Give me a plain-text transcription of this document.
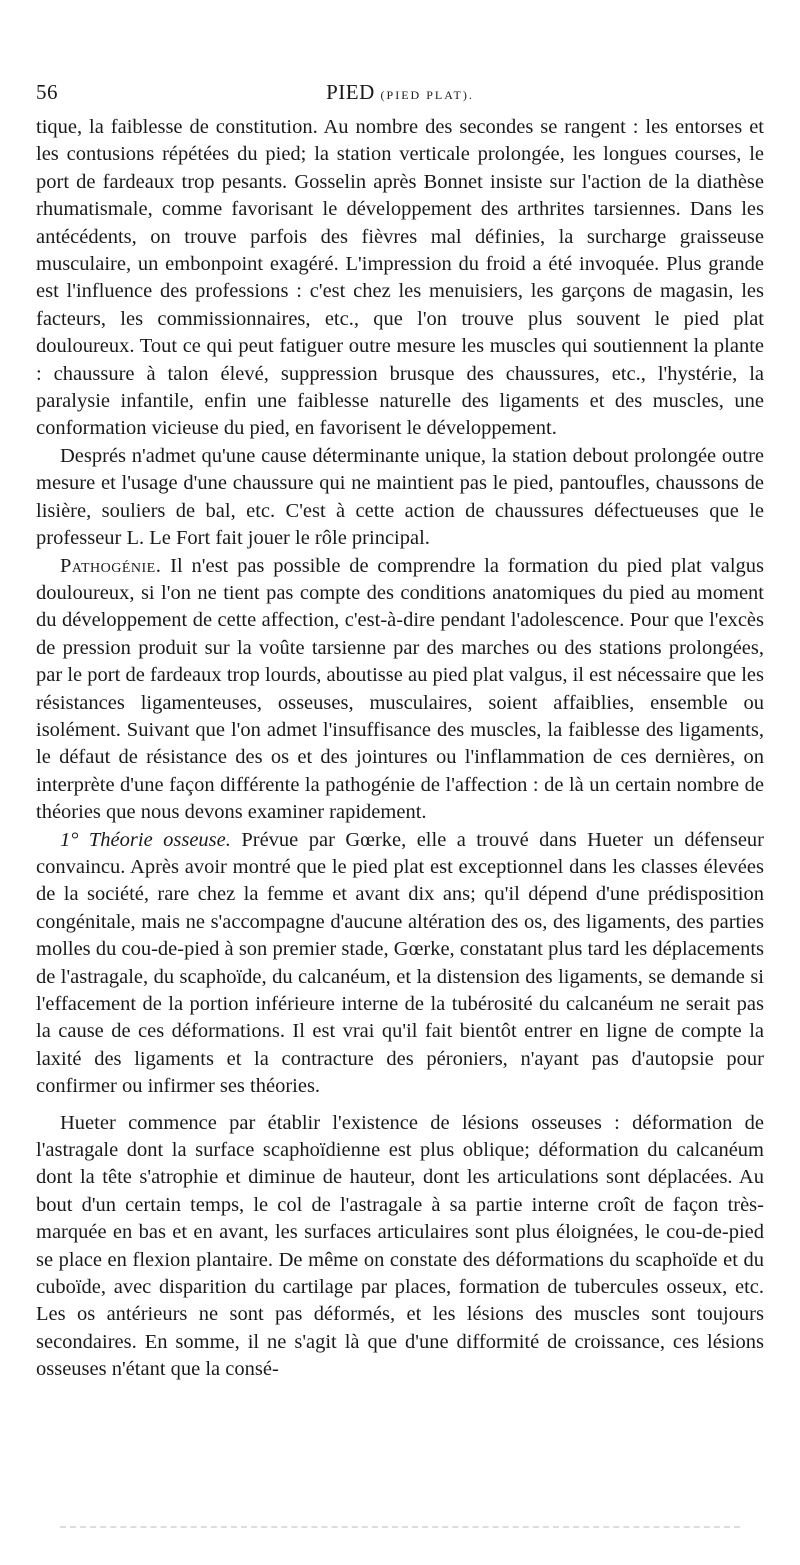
56	PIED (PIED PLAT).

tique, la faiblesse de constitution. Au nombre des secondes se rangent : les entorses et les contusions répétées du pied; la station verticale prolongée, les longues courses, le port de fardeaux trop pesants. Gosselin après Bonnet insiste sur l'action de la diathèse rhumatismale, comme favorisant le développement des arthrites tarsiennes. Dans les antécédents, on trouve parfois des fièvres mal définies, la surcharge graisseuse musculaire, un embonpoint exagéré. L'impression du froid a été invoquée. Plus grande est l'influence des professions : c'est chez les menuisiers, les garçons de magasin, les facteurs, les commissionnaires, etc., que l'on trouve plus souvent le pied plat douloureux. Tout ce qui peut fatiguer outre mesure les muscles qui soutiennent la plante : chaussure à talon élevé, suppression brusque des chaussures, etc., l'hystérie, la paralysie infantile, enfin une faiblesse naturelle des ligaments et des muscles, une conformation vicieuse du pied, en favorisent le développement.

Després n'admet qu'une cause déterminante unique, la station debout prolongée outre mesure et l'usage d'une chaussure qui ne maintient pas le pied, pantoufles, chaussons de lisière, souliers de bal, etc. C'est à cette action de chaussures défectueuses que le professeur L. Le Fort fait jouer le rôle principal.

Pathogénie. Il n'est pas possible de comprendre la formation du pied plat valgus douloureux, si l'on ne tient pas compte des conditions anatomiques du pied au moment du développement de cette affection, c'est-à-dire pendant l'adolescence. Pour que l'excès de pression produit sur la voûte tarsienne par des marches ou des stations prolongées, par le port de fardeaux trop lourds, aboutisse au pied plat valgus, il est nécessaire que les résistances ligamenteuses, osseuses, musculaires, soient affaiblies, ensemble ou isolément. Suivant que l'on admet l'insuffisance des muscles, la faiblesse des ligaments, le défaut de résistance des os et des jointures ou l'inflammation de ces dernières, on interprète d'une façon différente la pathogénie de l'affection : de là un certain nombre de théories que nous devons examiner rapidement.

1° Théorie osseuse. Prévue par Gœrke, elle a trouvé dans Hueter un défenseur convaincu. Après avoir montré que le pied plat est exceptionnel dans les classes élevées de la société, rare chez la femme et avant dix ans; qu'il dépend d'une prédisposition congénitale, mais ne s'accompagne d'aucune altération des os, des ligaments, des parties molles du cou-de-pied à son premier stade, Gœrke, constatant plus tard les déplacements de l'astragale, du scaphoïde, du calcanéum, et la distension des ligaments, se demande si l'effacement de la portion inférieure interne de la tubérosité du calcanéum ne serait pas la cause de ces déformations. Il est vrai qu'il fait bientôt entrer en ligne de compte la laxité des ligaments et la contracture des péroniers, n'ayant pas d'autopsie pour confirmer ou infirmer ses théories.

Hueter commence par établir l'existence de lésions osseuses : déformation de l'astragale dont la surface scaphoïdienne est plus oblique; déformation du calcanéum dont la tête s'atrophie et diminue de hauteur, dont les articulations sont déplacées. Au bout d'un certain temps, le col de l'astragale à sa partie interne croît de façon très-marquée en bas et en avant, les surfaces articulaires sont plus éloignées, le cou-de-pied se place en flexion plantaire. De même on constate des déformations du scaphoïde et du cuboïde, avec disparition du cartilage par places, formation de tubercules osseux, etc. Les os antérieurs ne sont pas déformés, et les lésions des muscles sont toujours secondaires. En somme, il ne s'agit là que d'une difformité de croissance, ces lésions osseuses n'étant que la consé-
